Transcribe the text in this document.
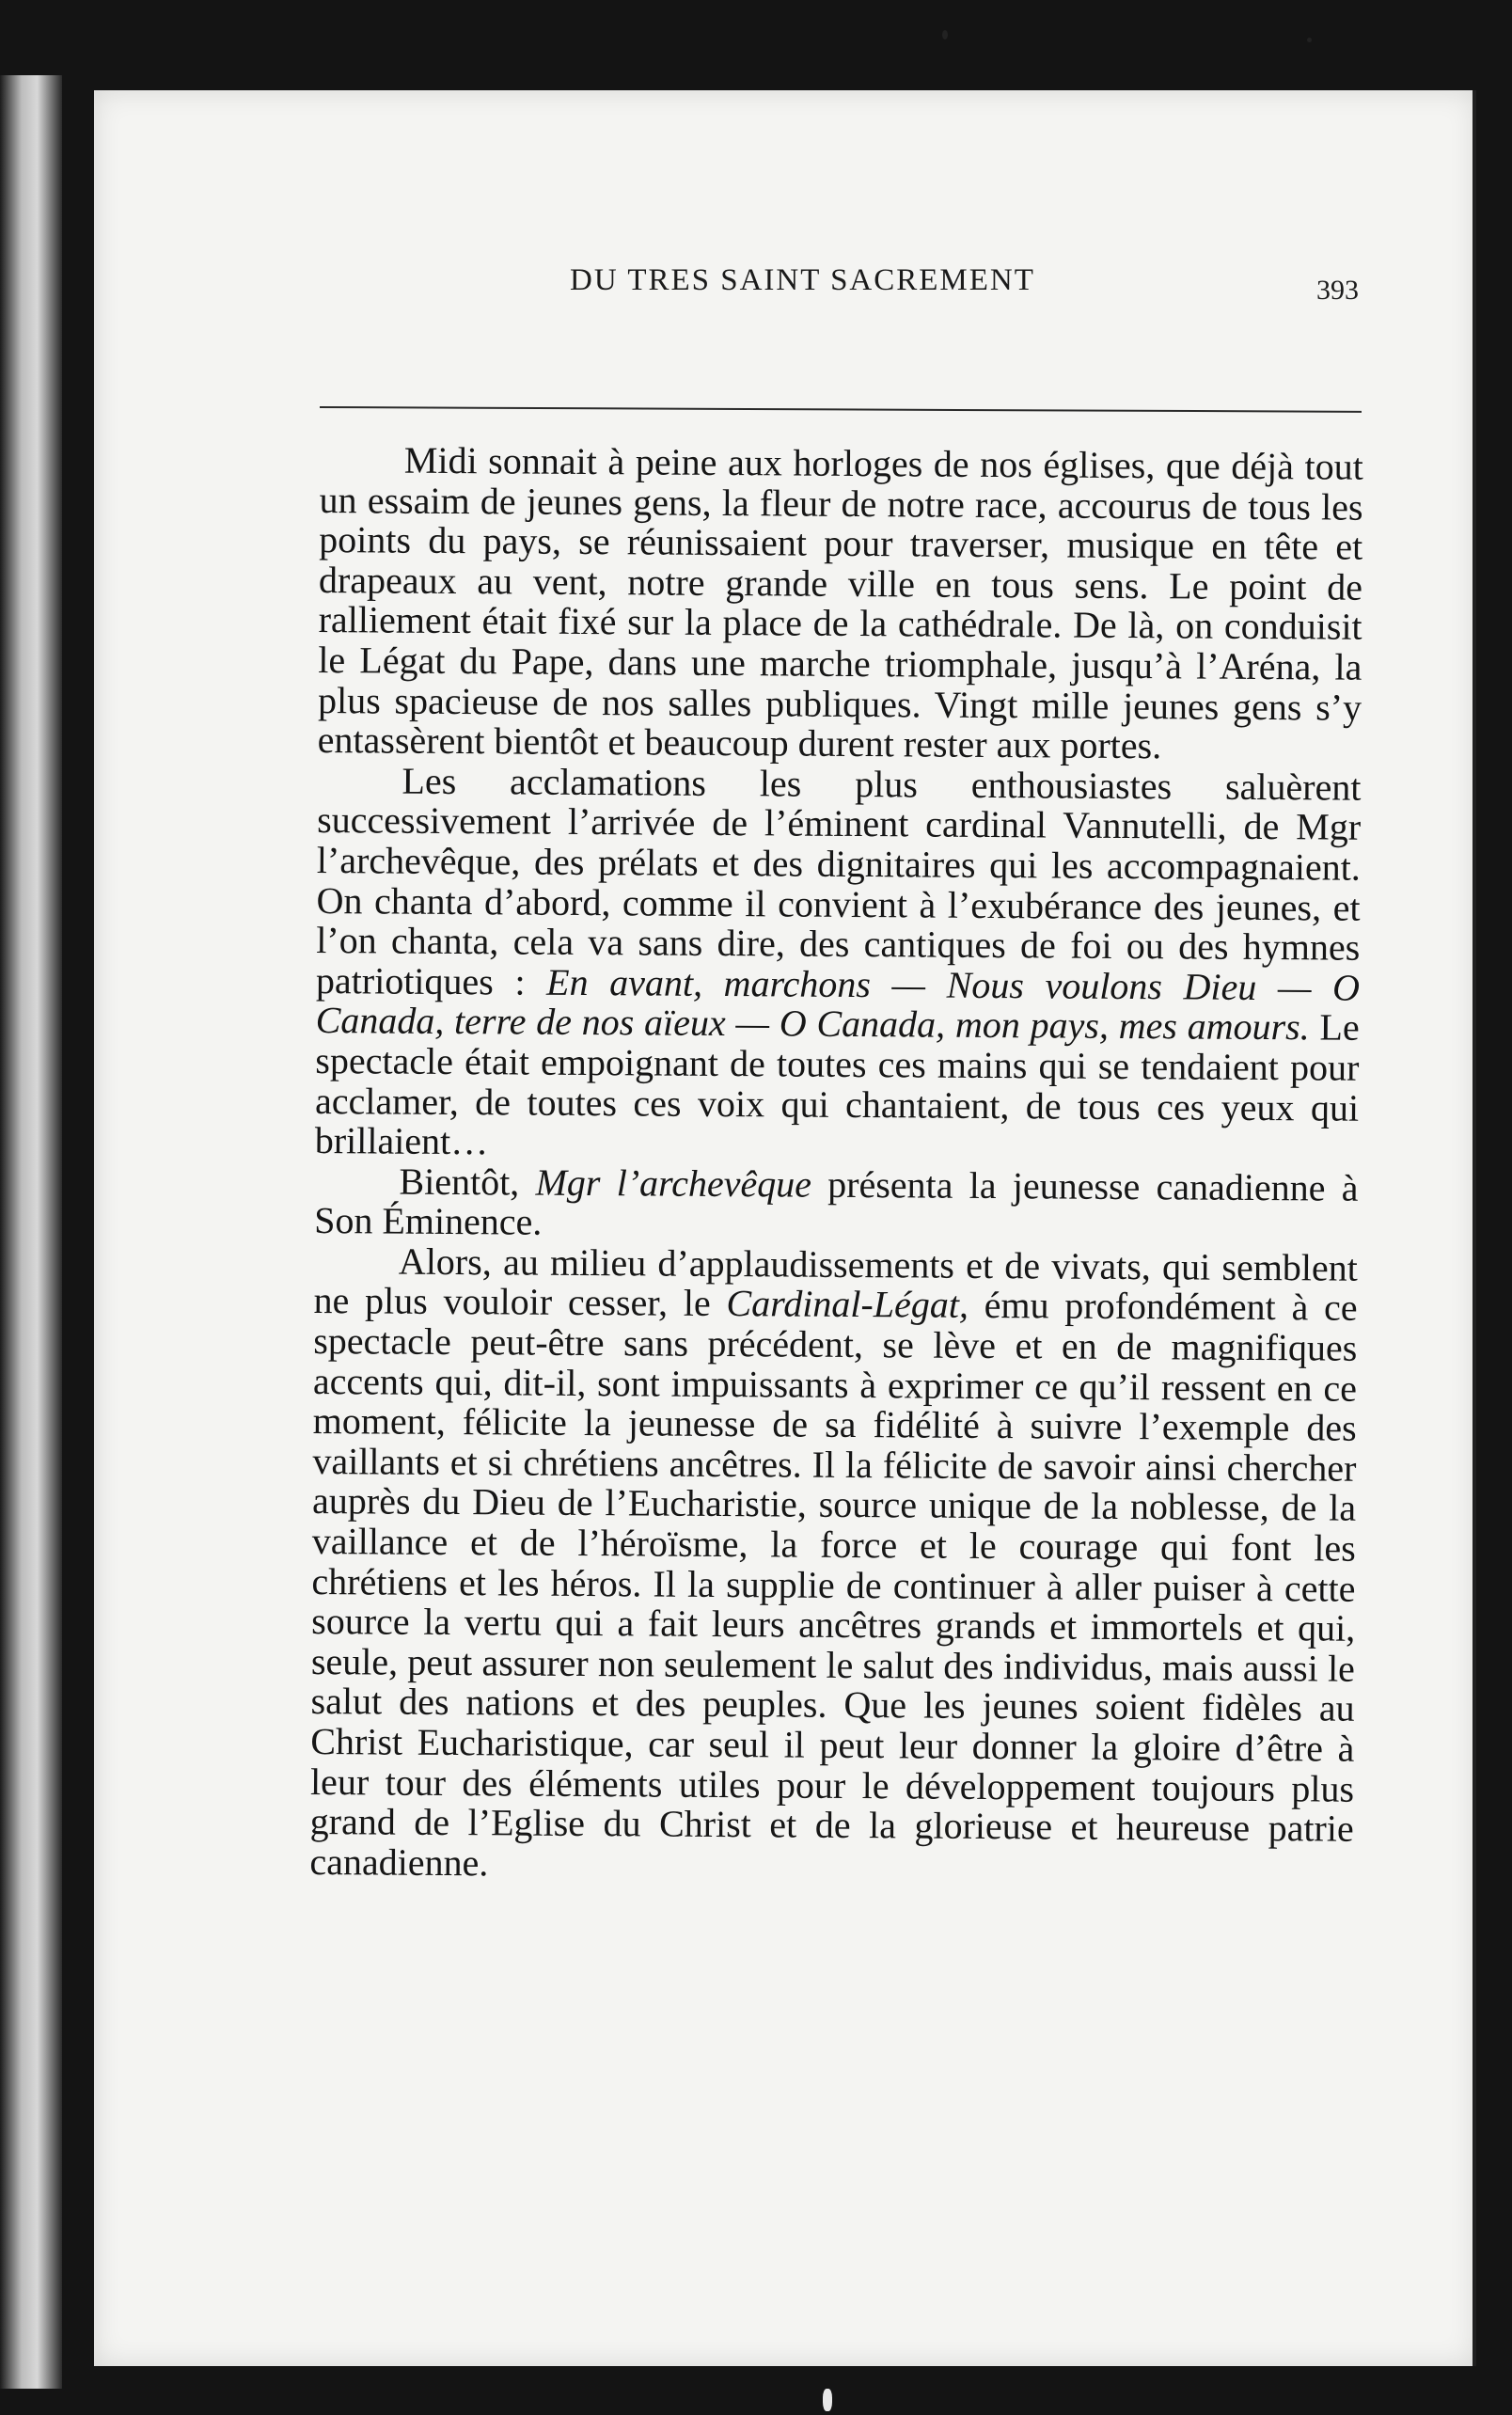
DU TRES SAINT SACREMENT	393

Midi sonnait à peine aux horloges de nos églises, que déjà tout un essaim de jeunes gens, la fleur de notre race, accourus de tous les points du pays, se réunissaient pour traverser, musique en tête et drapeaux au vent, notre grande ville en tous sens. Le point de ralliement était fixé sur la place de la cathédrale. De là, on conduisit le Légat du Pape, dans une marche triomphale, jusqu’à l’Aréna, la plus spacieuse de nos salles publiques. Vingt mille jeunes gens s’y entassèrent bientôt et beaucoup durent rester aux portes.

Les acclamations les plus enthousiastes saluèrent successivement l’arrivée de l’éminent cardinal Vannutelli, de Mgr l’archevêque, des prélats et des dignitaires qui les accompagnaient. On chanta d’abord, comme il convient à l’exubérance des jeunes, et l’on chanta, cela va sans dire, des cantiques de foi ou des hymnes patriotiques : En avant, marchons — Nous voulons Dieu — O Canada, terre de nos aïeux — O Canada, mon pays, mes amours. Le spectacle était empoignant de toutes ces mains qui se tendaient pour acclamer, de toutes ces voix qui chantaient, de tous ces yeux qui brillaient…

Bientôt, Mgr l’archevêque présenta la jeunesse canadienne à Son Éminence.

Alors, au milieu d’applaudissements et de vivats, qui semblent ne plus vouloir cesser, le Cardinal-Légat, ému profondément à ce spectacle peut-être sans précédent, se lève et en de magnifiques accents qui, dit-il, sont impuissants à exprimer ce qu’il ressent en ce moment, félicite la jeunesse de sa fidélité à suivre l’exemple des vaillants et si chrétiens ancêtres. Il la félicite de savoir ainsi chercher auprès du Dieu de l’Eucharistie, source unique de la noblesse, de la vaillance et de l’héroïsme, la force et le courage qui font les chrétiens et les héros. Il la supplie de continuer à aller puiser à cette source la vertu qui a fait leurs ancêtres grands et immortels et qui, seule, peut assurer non seulement le salut des individus, mais aussi le salut des nations et des peuples. Que les jeunes soient fidèles au Christ Eucharistique, car seul il peut leur donner la gloire d’être à leur tour des éléments utiles pour le développement toujours plus grand de l’Eglise du Christ et de la glorieuse et heureuse patrie canadienne.
